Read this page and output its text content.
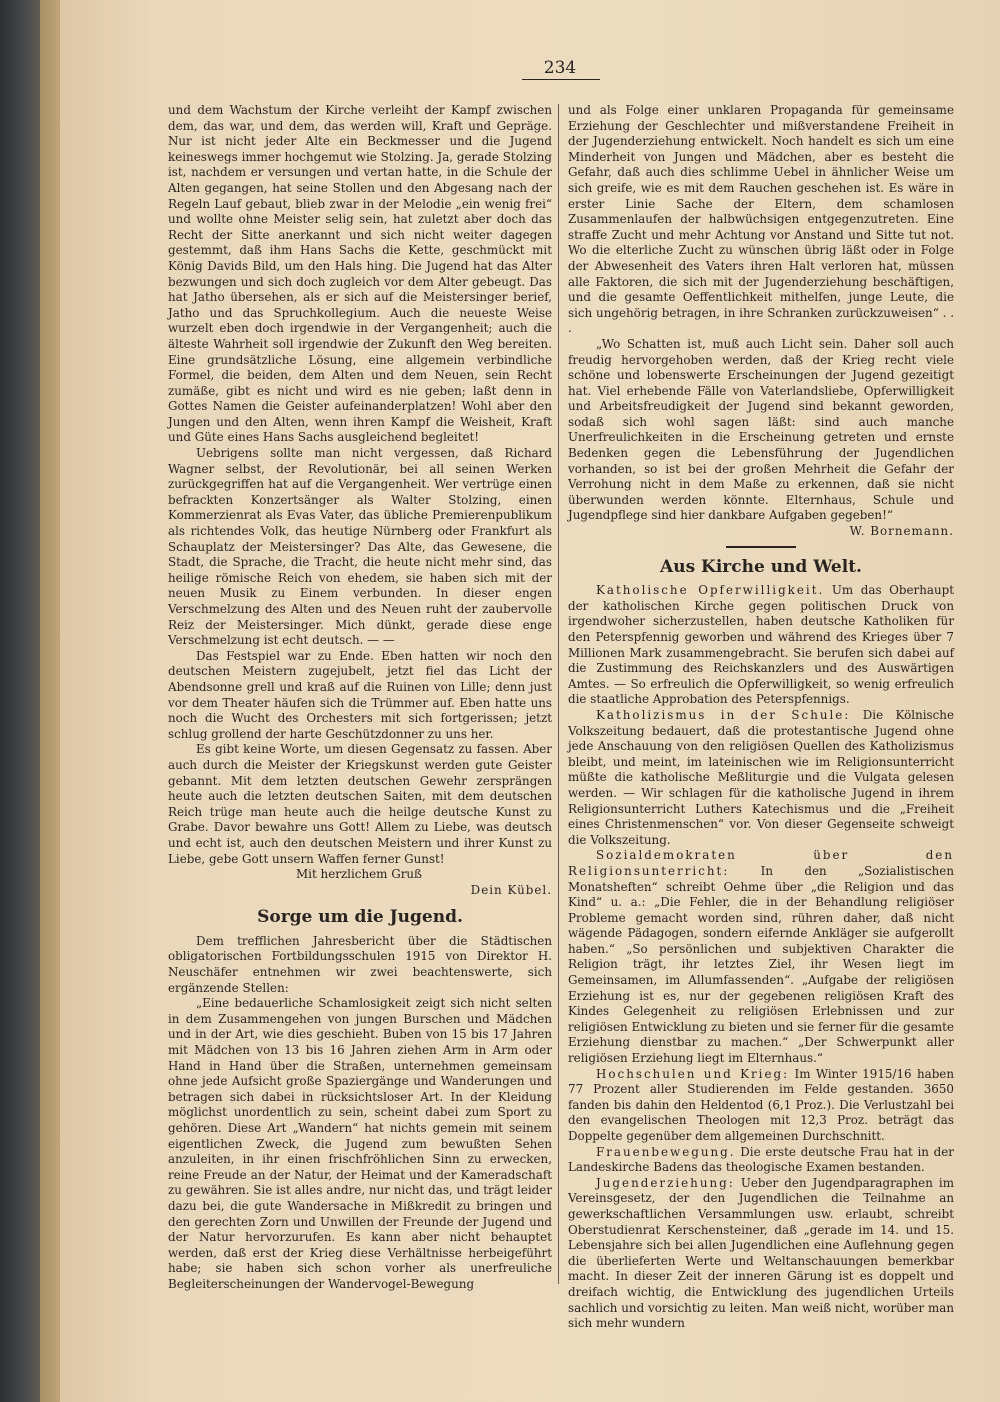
234

und dem Wachstum der Kirche verleiht der Kampf zwischen dem, das war, und dem, das werden will, Kraft und Gepräge. Nur ist nicht jeder Alte ein Beckmesser und die Jugend keineswegs immer hochgemut wie Stolzing. Ja, gerade Stolzing ist, nachdem er versungen und vertan hatte, in die Schule der Alten gegangen, hat seine Stollen und den Abgesang nach der Regeln Lauf gebaut, blieb zwar in der Melodie „ein wenig frei“ und wollte ohne Meister selig sein, hat zuletzt aber doch das Recht der Sitte anerkannt und sich nicht weiter dagegen gestemmt, daß ihm Hans Sachs die Kette, geschmückt mit König Davids Bild, um den Hals hing. Die Jugend hat das Alter bezwungen und sich doch zugleich vor dem Alter gebeugt. Das hat Jatho übersehen, als er sich auf die Meistersinger berief, Jatho und das Spruchkollegium. Auch die neueste Weise wurzelt eben doch irgendwie in der Vergangenheit; auch die älteste Wahrheit soll irgendwie der Zukunft den Weg bereiten. Eine grundsätzliche Lösung, eine allgemein verbindliche Formel, die beiden, dem Alten und dem Neuen, sein Recht zumäße, gibt es nicht und wird es nie geben; laßt denn in Gottes Namen die Geister aufeinanderplatzen! Wohl aber den Jungen und den Alten, wenn ihren Kampf die Weisheit, Kraft und Güte eines Hans Sachs ausgleichend begleitet!

Uebrigens sollte man nicht vergessen, daß Richard Wagner selbst, der Revolutionär, bei all seinen Werken zurückgegriffen hat auf die Vergangenheit. Wer vertrüge einen befrackten Konzertsänger als Walter Stolzing, einen Kommerzienrat als Evas Vater, das übliche Premierenpublikum als richtendes Volk, das heutige Nürnberg oder Frankfurt als Schauplatz der Meistersinger? Das Alte, das Gewesene, die Stadt, die Sprache, die Tracht, die heute nicht mehr sind, das heilige römische Reich von ehedem, sie haben sich mit der neuen Musik zu Einem verbunden. In dieser engen Verschmelzung des Alten und des Neuen ruht der zaubervolle Reiz der Meistersinger. Mich dünkt, gerade diese enge Verschmelzung ist echt deutsch. — —

Das Festspiel war zu Ende. Eben hatten wir noch den deutschen Meistern zugejubelt, jetzt fiel das Licht der Abendsonne grell und kraß auf die Ruinen von Lille; denn just vor dem Theater häufen sich die Trümmer auf. Eben hatte uns noch die Wucht des Orchesters mit sich fortgerissen; jetzt schlug grollend der harte Geschützdonner zu uns her.

Es gibt keine Worte, um diesen Gegensatz zu fassen. Aber auch durch die Meister der Kriegskunst werden gute Geister gebannt. Mit dem letzten deutschen Gewehr zersprängen heute auch die letzten deutschen Saiten, mit dem deutschen Reich trüge man heute auch die heilge deutsche Kunst zu Grabe. Davor bewahre uns Gott! Allem zu Liebe, was deutsch und echt ist, auch den deutschen Meistern und ihrer Kunst zu Liebe, gebe Gott unsern Waffen ferner Gunst!

Mit herzlichem Gruß

Dein Kübel.

Sorge um die Jugend.

Dem trefflichen Jahresbericht über die Städtischen obligatorischen Fortbildungsschulen 1915 von Direktor H. Neuschäfer entnehmen wir zwei beachtenswerte, sich ergänzende Stellen:

„Eine bedauerliche Schamlosigkeit zeigt sich nicht selten in dem Zusammengehen von jungen Burschen und Mädchen und in der Art, wie dies geschieht. Buben von 15 bis 17 Jahren mit Mädchen von 13 bis 16 Jahren ziehen Arm in Arm oder Hand in Hand über die Straßen, unternehmen gemeinsam ohne jede Aufsicht große Spaziergänge und Wanderungen und betragen sich dabei in rücksichtsloser Art. In der Kleidung möglichst unordentlich zu sein, scheint dabei zum Sport zu gehören. Diese Art „Wandern“ hat nichts gemein mit seinem eigentlichen Zweck, die Jugend zum bewußten Sehen anzuleiten, in ihr einen frischfröhlichen Sinn zu erwecken, reine Freude an der Natur, der Heimat und der Kameradschaft zu gewähren. Sie ist alles andre, nur nicht das, und trägt leider dazu bei, die gute Wandersache in Mißkredit zu bringen und den gerechten Zorn und Unwillen der Freunde der Jugend und der Natur hervorzurufen. Es kann aber nicht behauptet werden, daß erst der Krieg diese Verhältnisse herbeigeführt habe; sie haben sich schon vorher als unerfreuliche Begleiterscheinungen der Wandervogel-Bewegung

und als Folge einer unklaren Propaganda für gemeinsame Erziehung der Geschlechter und mißverstandene Freiheit in der Jugenderziehung entwickelt. Noch handelt es sich um eine Minderheit von Jungen und Mädchen, aber es besteht die Gefahr, daß auch dies schlimme Uebel in ähnlicher Weise um sich greife, wie es mit dem Rauchen geschehen ist. Es wäre in erster Linie Sache der Eltern, dem schamlosen Zusammenlaufen der halbwüchsigen entgegenzutreten. Eine straffe Zucht und mehr Achtung vor Anstand und Sitte tut not. Wo die elterliche Zucht zu wünschen übrig läßt oder in Folge der Abwesenheit des Vaters ihren Halt verloren hat, müssen alle Faktoren, die sich mit der Jugenderziehung beschäftigen, und die gesamte Oeffentlichkeit mithelfen, junge Leute, die sich ungehörig betragen, in ihre Schranken zurückzuweisen“ . . .

„Wo Schatten ist, muß auch Licht sein. Daher soll auch freudig hervorgehoben werden, daß der Krieg recht viele schöne und lobenswerte Erscheinungen der Jugend gezeitigt hat. Viel erhebende Fälle von Vaterlandsliebe, Opferwilligkeit und Arbeitsfreudigkeit der Jugend sind bekannt geworden, sodaß sich wohl sagen läßt: sind auch manche Unerfreulichkeiten in die Erscheinung getreten und ernste Bedenken gegen die Lebensführung der Jugendlichen vorhanden, so ist bei der großen Mehrheit die Gefahr der Verrohung nicht in dem Maße zu erkennen, daß sie nicht überwunden werden könnte. Elternhaus, Schule und Jugendpflege sind hier dankbare Aufgaben gegeben!“

W. Bornemann.

Aus Kirche und Welt.

Katholische Opferwilligkeit. Um das Oberhaupt der katholischen Kirche gegen politischen Druck von irgendwoher sicherzustellen, haben deutsche Katholiken für den Peterspfennig geworben und während des Krieges über 7 Millionen Mark zusammengebracht. Sie berufen sich dabei auf die Zustimmung des Reichskanzlers und des Auswärtigen Amtes. — So erfreulich die Opferwilligkeit, so wenig erfreulich die staatliche Approbation des Peterspfennigs.

Katholizismus in der Schule: Die Kölnische Volkszeitung bedauert, daß die protestantische Jugend ohne jede Anschauung von den religiösen Quellen des Katholizismus bleibt, und meint, im lateinischen wie im Religionsunterricht müßte die katholische Meßliturgie und die Vulgata gelesen werden. — Wir schlagen für die katholische Jugend in ihrem Religionsunterricht Luthers Katechismus und die „Freiheit eines Christenmenschen“ vor. Von dieser Gegenseite schweigt die Volkszeitung.

Sozialdemokraten über den Religionsunterricht: In den „Sozialistischen Monatsheften“ schreibt Oehme über „die Religion und das Kind“ u. a.: „Die Fehler, die in der Behandlung religiöser Probleme gemacht worden sind, rühren daher, daß nicht wägende Pädagogen, sondern eifernde Ankläger sie aufgerollt haben.“ „So persönlichen und subjektiven Charakter die Religion trägt, ihr letztes Ziel, ihr Wesen liegt im Gemeinsamen, im Allumfassenden“. „Aufgabe der religiösen Erziehung ist es, nur der gegebenen religiösen Kraft des Kindes Gelegenheit zu religiösen Erlebnissen und zur religiösen Entwicklung zu bieten und sie ferner für die gesamte Erziehung dienstbar zu machen.“ „Der Schwerpunkt aller religiösen Erziehung liegt im Elternhaus.“

Hochschulen und Krieg: Im Winter 1915/16 haben 77 Prozent aller Studierenden im Felde gestanden. 3650 fanden bis dahin den Heldentod (6,1 Proz.). Die Verlustzahl bei den evangelischen Theologen mit 12,3 Proz. beträgt das Doppelte gegenüber dem allgemeinen Durchschnitt.

Frauenbewegung. Die erste deutsche Frau hat in der Landeskirche Badens das theologische Examen bestanden.

Jugenderziehung: Ueber den Jugendparagraphen im Vereinsgesetz, der den Jugendlichen die Teilnahme an gewerkschaftlichen Versammlungen usw. erlaubt, schreibt Oberstudienrat Kerschensteiner, daß „gerade im 14. und 15. Lebensjahre sich bei allen Jugendlichen eine Auflehnung gegen die überlieferten Werte und Weltanschauungen bemerkbar macht. In dieser Zeit der inneren Gärung ist es doppelt und dreifach wichtig, die Entwicklung des jugendlichen Urteils sachlich und vorsichtig zu leiten. Man weiß nicht, worüber man sich mehr wundern
